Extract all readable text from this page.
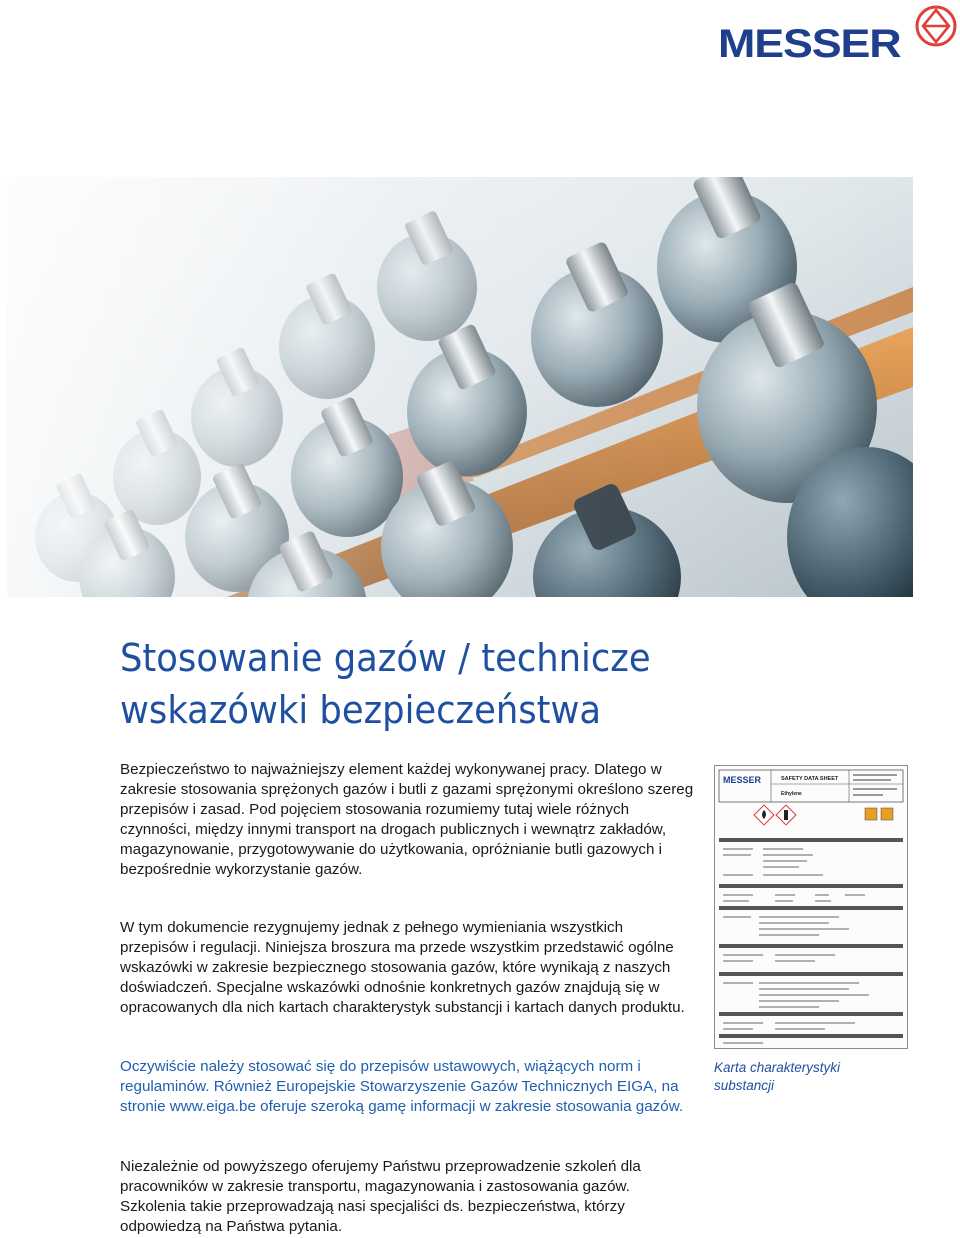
MESSER
Stosowanie gazów / technicze
wskazówki bezpieczeństwa

Bezpieczeństwo to najważniejszy element każdej wykonywanej pracy. Dlatego w zakresie stosowania sprężonych gazów i butli z gazami sprężonymi określono szereg przepisów i zasad. Pod pojęciem stosowania rozumiemy tutaj wiele różnych czynności, między innymi transport na drogach publicznych i wewnątrz zakładów, magazynowanie, przygotowywanie do użytkowania, opróżnianie butli gazowych i bezpośrednie wykorzystanie gazów.

W tym dokumencie rezygnujemy jednak z pełnego wymieniania wszystkich przepisów i regulacji. Niniejsza broszura ma przede wszystkim przedstawić ogólne wskazówki w zakresie bezpiecznego stosowania gazów, które wynikają z naszych doświadczeń. Specjalne wskazówki odnośnie konkretnych gazów znajdują się w opracowanych dla nich kartach charakterystyk substancji i kartach danych produktu.

Oczywiście należy stosować się do przepisów ustawowych, wiążących norm i regulaminów. Również Europejskie Stowarzyszenie Gazów Technicznych EIGA, na stronie www.eiga.be oferuje szeroką gamę informacji w zakresie stosowania gazów.

Niezależnie od powyższego oferujemy Państwu przeprowadzenie szkoleń dla pracowników w zakresie transportu, magazynowania i zastosowania gazów. Szkolenia takie przeprowadzają nasi specjaliści ds. bezpieczeństwa, którzy odpowiedzą na Państwa pytania.

MESSER	SAFETY DATA SHEET
Ethylene

Karta charakterystyki substancji
